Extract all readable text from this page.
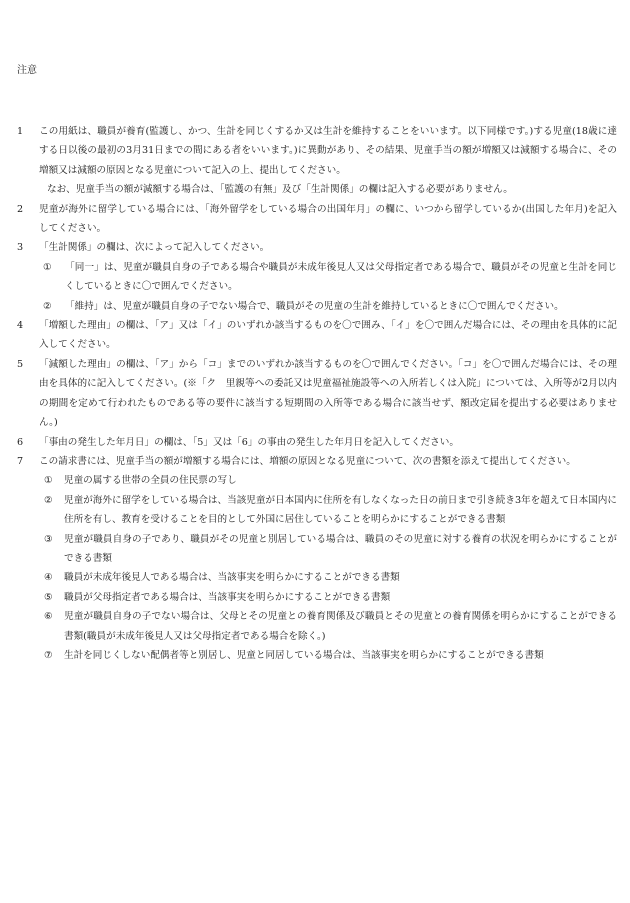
注意

1 この用紙は、職員が養育(監護し、かつ、生計を同じくするか又は生計を維持することをいいます。以下同様です。)する児童(18歳に達する日以後の最初の3月31日までの間にある者をいいます。)に異動があり、その結果、児童手当の額が増額又は減額する場合に、その増額又は減額の原因となる児童について記入の上、提出してください。

なお、児童手当の額が減額する場合は、「監護の有無」及び「生計関係」の欄は記入する必要がありません。

2 児童が海外に留学している場合には、「海外留学をしている場合の出国年月」の欄に、いつから留学しているか(出国した年月)を記入してください。

3 「生計関係」の欄は、次によって記入してください。

① 「同一」は、児童が職員自身の子である場合や職員が未成年後見人又は父母指定者である場合で、職員がその児童と生計を同じくしているときに〇で囲んでください。

② 「維持」は、児童が職員自身の子でない場合で、職員がその児童の生計を維持しているときに〇で囲んでください。

4 「増額した理由」の欄は、「ア」又は「イ」のいずれか該当するものを〇で囲み、「イ」を〇で囲んだ場合には、その理由を具体的に記入してください。

5 「減額した理由」の欄は、「ア」から「コ」までのいずれか該当するものを〇で囲んでください。「コ」を〇で囲んだ場合には、その理由を具体的に記入してください。(※「ク　里親等への委託又は児童福祉施設等への入所若しくは入院」については、入所等が2月以内の期間を定めて行われたものである等の要件に該当する短期間の入所等である場合に該当せず、額改定届を提出する必要はありません。)

6 「事由の発生した年月日」の欄は、「5」又は「6」の事由の発生した年月日を記入してください。

7 この請求書には、児童手当の額が増額する場合には、増額の原因となる児童について、次の書類を添えて提出してください。

① 児童の属する世帯の全員の住民票の写し

② 児童が海外に留学をしている場合は、当該児童が日本国内に住所を有しなくなった日の前日まで引き続き3年を超えて日本国内に住所を有し、教育を受けることを目的として外国に居住していることを明らかにすることができる書類

③ 児童が職員自身の子であり、職員がその児童と別居している場合は、職員のその児童に対する養育の状況を明らかにすることができる書類

④ 職員が未成年後見人である場合は、当該事実を明らかにすることができる書類

⑤ 職員が父母指定者である場合は、当該事実を明らかにすることができる書類

⑥ 児童が職員自身の子でない場合は、父母とその児童との養育関係及び職員とその児童との養育関係を明らかにすることができる書類(職員が未成年後見人又は父母指定者である場合を除く。)

⑦ 生計を同じくしない配偶者等と別居し、児童と同居している場合は、当該事実を明らかにすることができる書類
